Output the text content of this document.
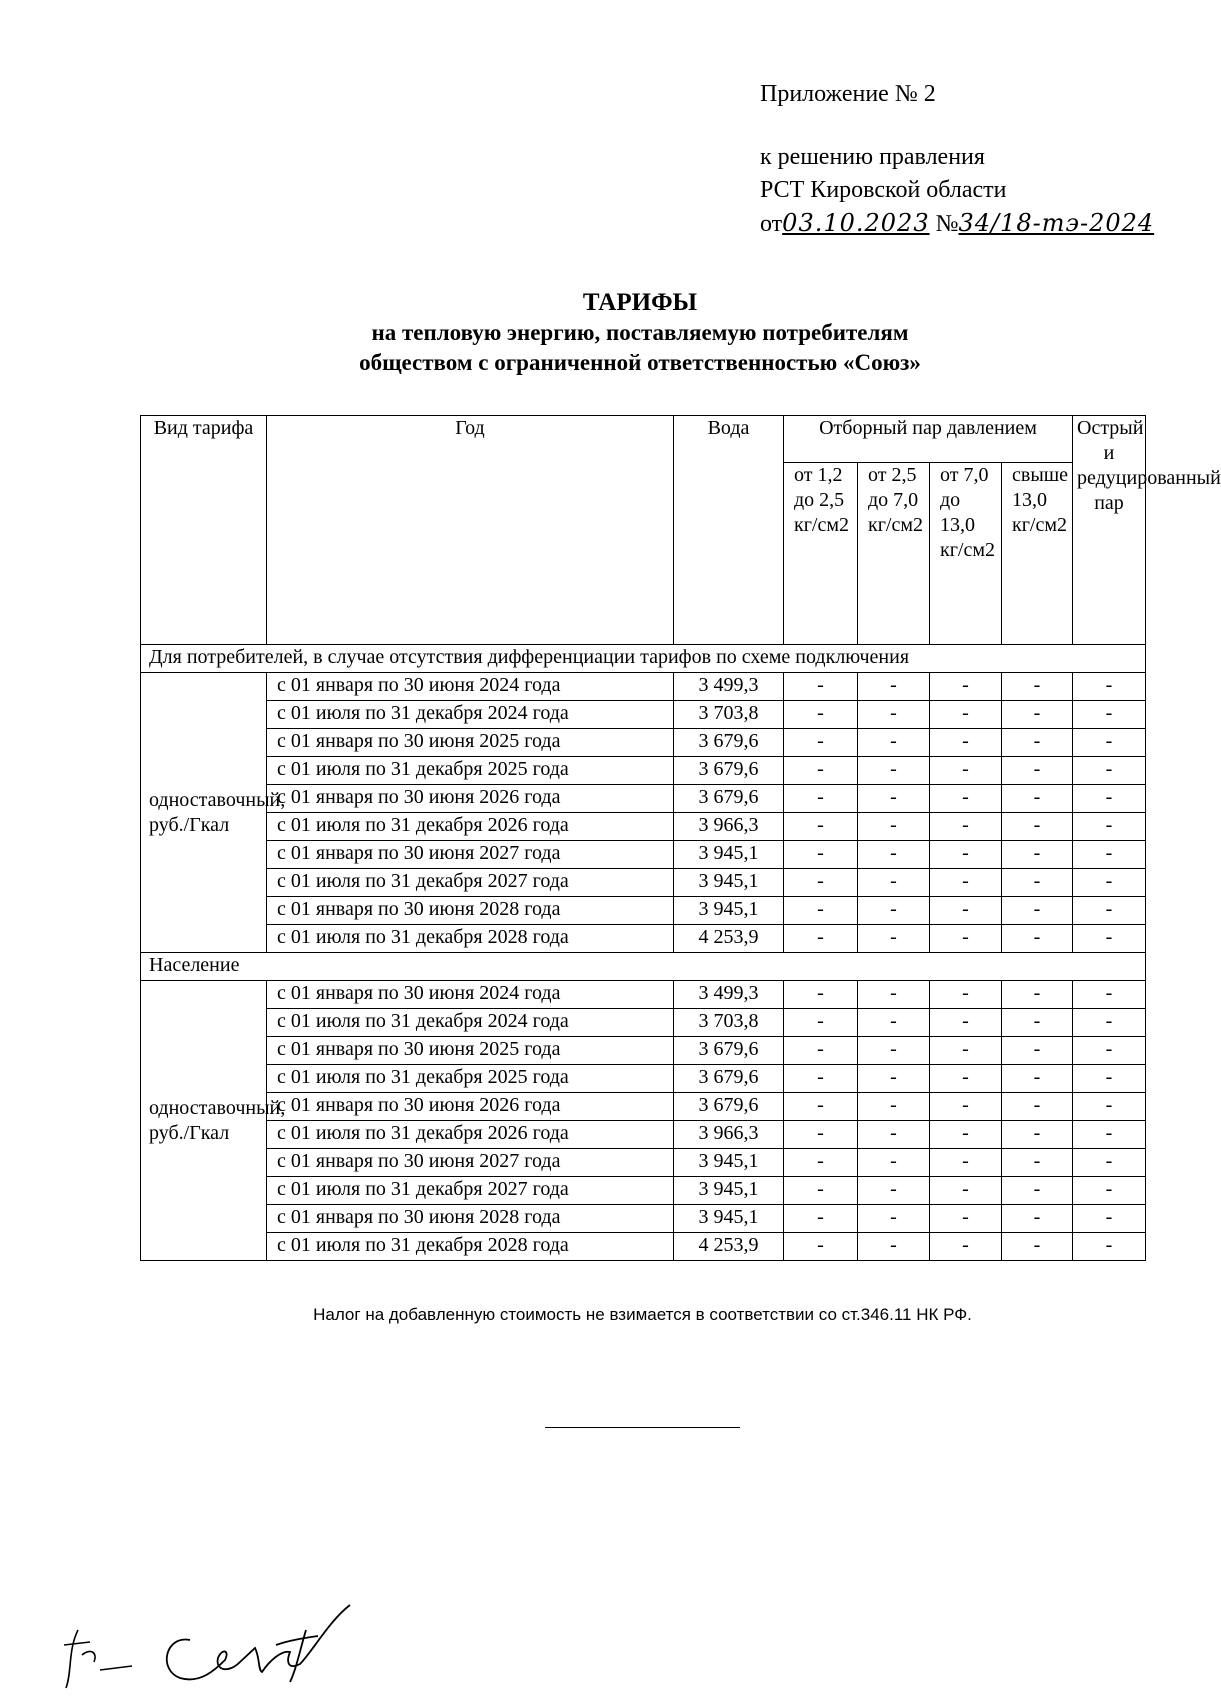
Приложение № 2
к решению правления
РСТ Кировской области
от03.10.2023 №34/18-тэ-2024
ТАРИФЫ
на тепловую энергию, поставляемую потребителям
обществом с ограниченной ответственностью «Союз»
Вид тарифа	Год	Вода	Отборный пар давлением				Острый и редуцированный пар
			от 1,2 до 2,5 кг/см2	от 2,5 до 7,0 кг/см2	от 7,0 до 13,0 кг/см2	свыше 13,0 кг/см2	
Для потребителей, в случае отсутствия дифференциации тарифов по схеме подключения							
одноставочный, руб./Гкал	с 01 января по 30 июня 2024 года	3 499,3	-	-	-	-	-
	с 01 июля по 31 декабря 2024 года	3 703,8	-	-	-	-	-
	с 01 января по 30 июня 2025 года	3 679,6	-	-	-	-	-
	с 01 июля по 31 декабря 2025 года	3 679,6	-	-	-	-	-
	с 01 января по 30 июня 2026 года	3 679,6	-	-	-	-	-
	с 01 июля по 31 декабря 2026 года	3 966,3	-	-	-	-	-
	с 01 января по 30 июня 2027 года	3 945,1	-	-	-	-	-
	с 01 июля по 31 декабря 2027 года	3 945,1	-	-	-	-	-
	с 01 января по 30 июня 2028 года	3 945,1	-	-	-	-	-
	с 01 июля по 31 декабря 2028 года	4 253,9	-	-	-	-	-
Население							
одноставочный, руб./Гкал	с 01 января по 30 июня 2024 года	3 499,3	-	-	-	-	-
	с 01 июля по 31 декабря 2024 года	3 703,8	-	-	-	-	-
	с 01 января по 30 июня 2025 года	3 679,6	-	-	-	-	-
	с 01 июля по 31 декабря 2025 года	3 679,6	-	-	-	-	-
	с 01 января по 30 июня 2026 года	3 679,6	-	-	-	-	-
	с 01 июля по 31 декабря 2026 года	3 966,3	-	-	-	-	-
	с 01 января по 30 июня 2027 года	3 945,1	-	-	-	-	-
	с 01 июля по 31 декабря 2027 года	3 945,1	-	-	-	-	-
	с 01 января по 30 июня 2028 года	3 945,1	-	-	-	-	-
	с 01 июля по 31 декабря 2028 года	4 253,9	-	-	-	-	-
Налог на добавленную стоимость не взимается в соответствии со ст.346.11 НК РФ.
